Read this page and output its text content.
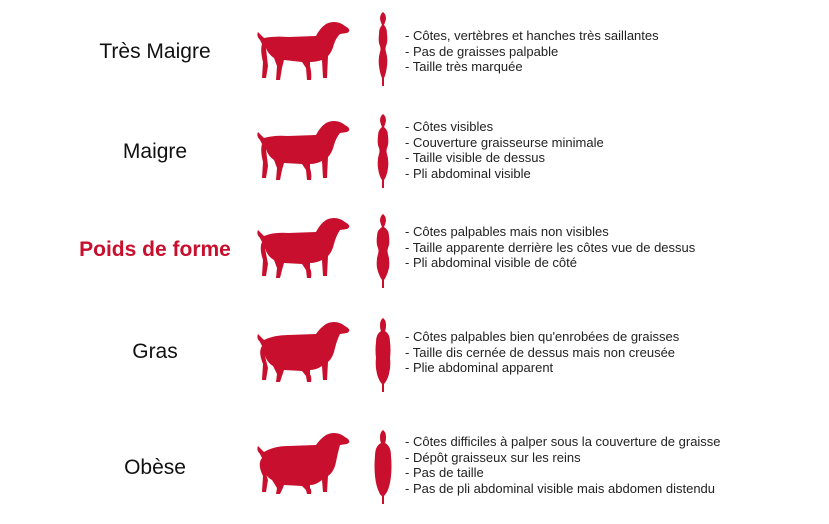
Très Maigre
- Côtes, vertèbres et hanches très saillantes
- Pas de graisses palpable
- Taille très marquée
Maigre
- Côtes visibles
- Couverture graisseurse minimale
- Taille visible de dessus
- Pli abdominal visible
Poids de forme
- Côtes palpables mais non visibles
- Taille apparente derrière les côtes vue de dessus
- Pli abdominal visible de côté
Gras
- Côtes palpables bien qu'enrobées de graisses
- Taille dis cernée de dessus mais non creusée
- Plie abdominal apparent
Obèse
- Côtes difficiles à palper sous la couverture de graisse
- Dépôt graisseux sur les reins
- Pas de taille
- Pas de pli abdominal visible mais abdomen distendu
